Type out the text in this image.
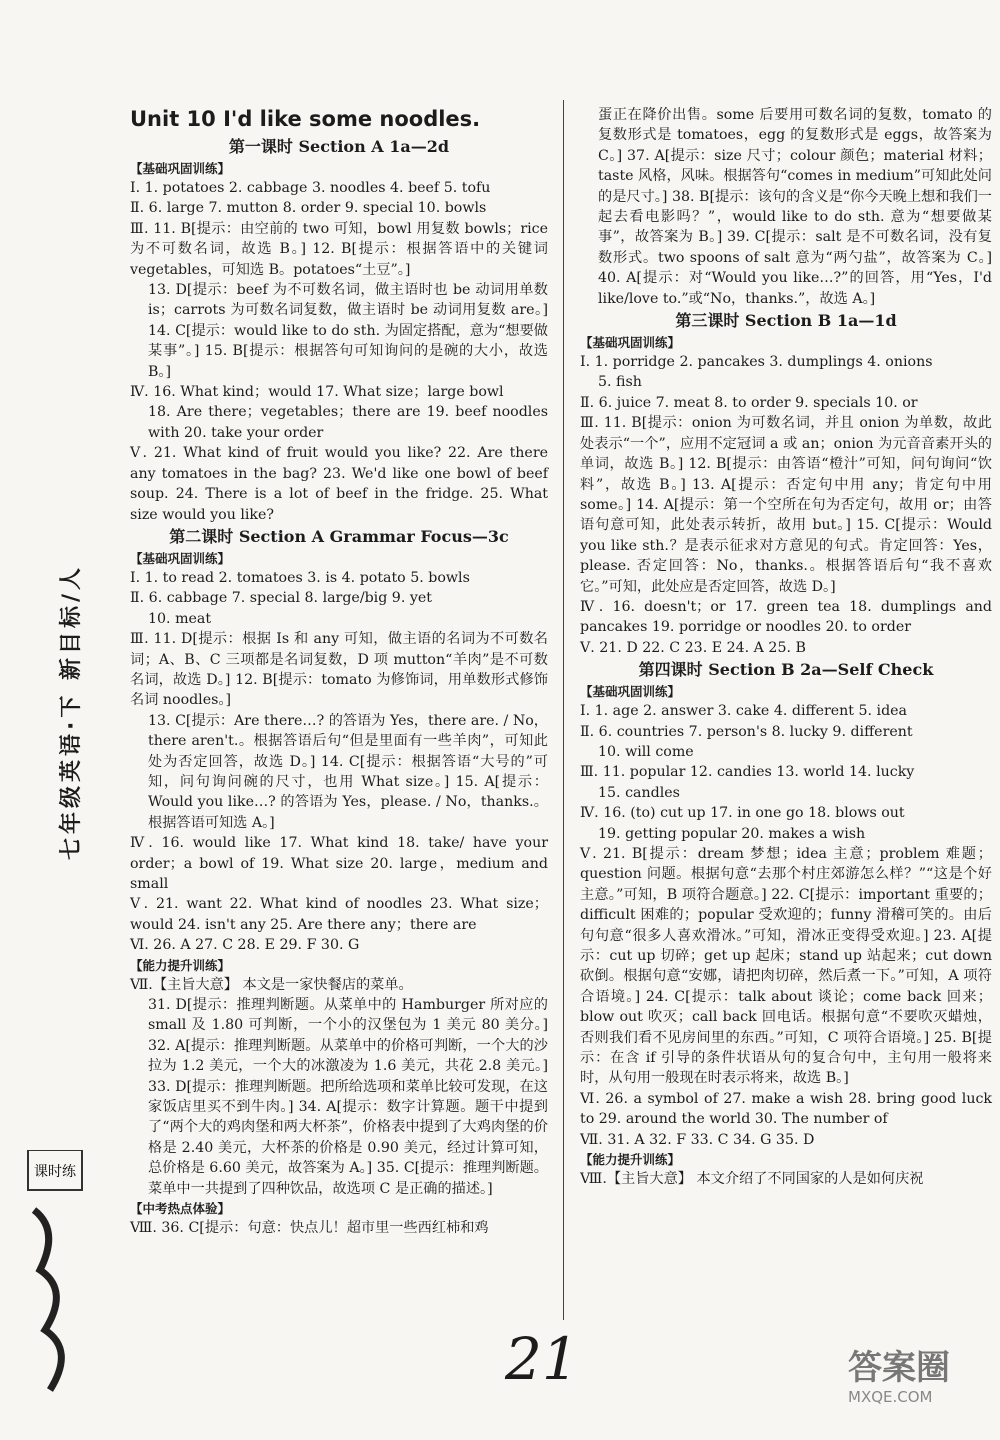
七年级英语·下 新目标/人
课时练
Unit 10 I'd like some noodles.
第一课时 Section A 1a—2d
【基础巩固训练】
Ⅰ. 1. potatoes 2. cabbage 3. noodles 4. beef 5. tofu
Ⅱ. 6. large 7. mutton 8. order 9. special 10. bowls
Ⅲ. 11. B[提示：由空前的 two 可知，bowl 用复数 bowls；rice 为不可数名词，故选 B。] 12. B[提示：根据答语中的关键词 vegetables，可知选 B。potatoes“土豆”。]
13. D[提示：beef 为不可数名词，做主语时也 be 动词用单数 is；carrots 为可数名词复数，做主语时 be 动词用复数 are。] 14. C[提示：would like to do sth. 为固定搭配，意为“想要做某事”。] 15. B[提示：根据答句可知询问的是碗的大小，故选 B。]
Ⅳ. 16. What kind；would 17. What size；large bowl
18. Are there；vegetables；there are 19. beef noodles with 20. take your order
Ⅴ. 21. What kind of fruit would you like? 22. Are there any tomatoes in the bag? 23. We'd like one bowl of beef soup. 24. There is a lot of beef in the fridge. 25. What size would you like?
第二课时 Section A Grammar Focus—3c
【基础巩固训练】
Ⅰ. 1. to read 2. tomatoes 3. is 4. potato 5. bowls
Ⅱ. 6. cabbage 7. special 8. large/big 9. yet
10. meat
Ⅲ. 11. D[提示：根据 Is 和 any 可知，做主语的名词为不可数名词；A、B、C 三项都是名词复数，D 项 mutton“羊肉”是不可数名词，故选 D。] 12. B[提示：tomato 为修饰词，用单数形式修饰名词 noodles。]
13. C[提示：Are there…? 的答语为 Yes，there are. / No，there aren't.。根据答语后句“但是里面有一些羊肉”，可知此处为否定回答，故选 D。] 14. C[提示：根据答语“大号的”可知，问句询问碗的尺寸，也用 What size。] 15. A[提示：Would you like…? 的答语为 Yes，please. / No，thanks.。根据答语可知选 A。]
Ⅳ. 16. would like 17. What kind 18. take/ have your order；a bowl of 19. What size 20. large，medium and small
Ⅴ. 21. want 22. What kind of noodles 23. What size；would 24. isn't any 25. Are there any；there are
Ⅵ. 26. A 27. C 28. E 29. F 30. G
【能力提升训练】
Ⅶ.【主旨大意】 本文是一家快餐店的菜单。
31. D[提示：推理判断题。从菜单中的 Hamburger 所对应的 small 及 1.80 可判断，一个小的汉堡包为 1 美元 80 美分。] 32. A[提示：推理判断题。从菜单中的价格可判断，一个大的沙拉为 1.2 美元，一个大的冰激凌为 1.6 美元，共花 2.8 美元。] 33. D[提示：推理判断题。把所给选项和菜单比较可发现，在这家饭店里买不到牛肉。] 34. A[提示：数字计算题。题干中提到了“两个大的鸡肉堡和两大杯茶”，价格表中提到了大鸡肉堡的价格是 2.40 美元，大杯茶的价格是 0.90 美元，经过计算可知，总价格是 6.60 美元，故答案为 A。] 35. C[提示：推理判断题。菜单中一共提到了四种饮品，故选项 C 是正确的描述。]
【中考热点体验】
Ⅷ. 36. C[提示：句意：快点儿！超市里一些西红柿和鸡
蛋正在降价出售。some 后要用可数名词的复数，tomato 的复数形式是 tomatoes，egg 的复数形式是 eggs，故答案为 C。] 37. A[提示：size 尺寸；colour 颜色；material 材料；taste 风格，风味。根据答句“comes in medium”可知此处问的是尺寸。] 38. B[提示：该句的含义是“你今天晚上想和我们一起去看电影吗？”，would like to do sth. 意为“想要做某事”，故答案为 B。] 39. C[提示：salt 是不可数名词，没有复数形式。two spoons of salt 意为“两勺盐”，故答案为 C。] 40. A[提示：对“Would you like…?”的回答，用“Yes，I'd like/love to.”或“No，thanks.”，故选 A。]
第三课时 Section B 1a—1d
【基础巩固训练】
Ⅰ. 1. porridge 2. pancakes 3. dumplings 4. onions
5. fish
Ⅱ. 6. juice 7. meat 8. to order 9. specials 10. or
Ⅲ. 11. B[提示：onion 为可数名词，并且 onion 为单数，故此处表示“一个”，应用不定冠词 a 或 an；onion 为元音音素开头的单词，故选 B。] 12. B[提示：由答语“橙汁”可知，问句询问“饮料”，故选 B。] 13. A[提示：否定句中用 any；肯定句中用 some。] 14. A[提示：第一个空所在句为否定句，故用 or；由答语句意可知，此处表示转折，故用 but。] 15. C[提示：Would you like sth.？是表示征求对方意见的句式。肯定回答：Yes，please. 否定回答：No，thanks.。根据答语后句“我不喜欢它。”可知，此处应是否定回答，故选 D。]
Ⅳ. 16. doesn't；or 17. green tea 18. dumplings and pancakes 19. porridge or noodles 20. to order
Ⅴ. 21. D 22. C 23. E 24. A 25. B
第四课时 Section B 2a—Self Check
【基础巩固训练】
Ⅰ. 1. age 2. answer 3. cake 4. different 5. idea
Ⅱ. 6. countries 7. person's 8. lucky 9. different
10. will come
Ⅲ. 11. popular 12. candies 13. world 14. lucky
15. candles
Ⅳ. 16. (to) cut up 17. in one go 18. blows out
19. getting popular 20. makes a wish
Ⅴ. 21. B[提示：dream 梦想；idea 主意；problem 难题；question 问题。根据句意“去那个村庄郊游怎么样？”“这是个好主意。”可知，B 项符合题意。] 22. C[提示：important 重要的；difficult 困难的；popular 受欢迎的；funny 滑稽可笑的。由后句句意“很多人喜欢滑冰。”可知，滑冰正变得受欢迎。] 23. A[提示：cut up 切碎；get up 起床；stand up 站起来；cut down 砍倒。根据句意“安娜，请把肉切碎，然后煮一下。”可知，A 项符合语境。] 24. C[提示：talk about 谈论；come back 回来；blow out 吹灭；call back 回电话。根据句意“不要吹灭蜡烛，否则我们看不见房间里的东西。”可知，C 项符合语境。] 25. B[提示：在含 if 引导的条件状语从句的复合句中，主句用一般将来时，从句用一般现在时表示将来，故选 B。]
Ⅵ. 26. a symbol of 27. make a wish 28. bring good luck to 29. around the world 30. The number of
Ⅶ. 31. A 32. F 33. C 34. G 35. D
【能力提升训练】
Ⅷ.【主旨大意】 本文介绍了不同国家的人是如何庆祝
21	答案圈
MXQE.COM
